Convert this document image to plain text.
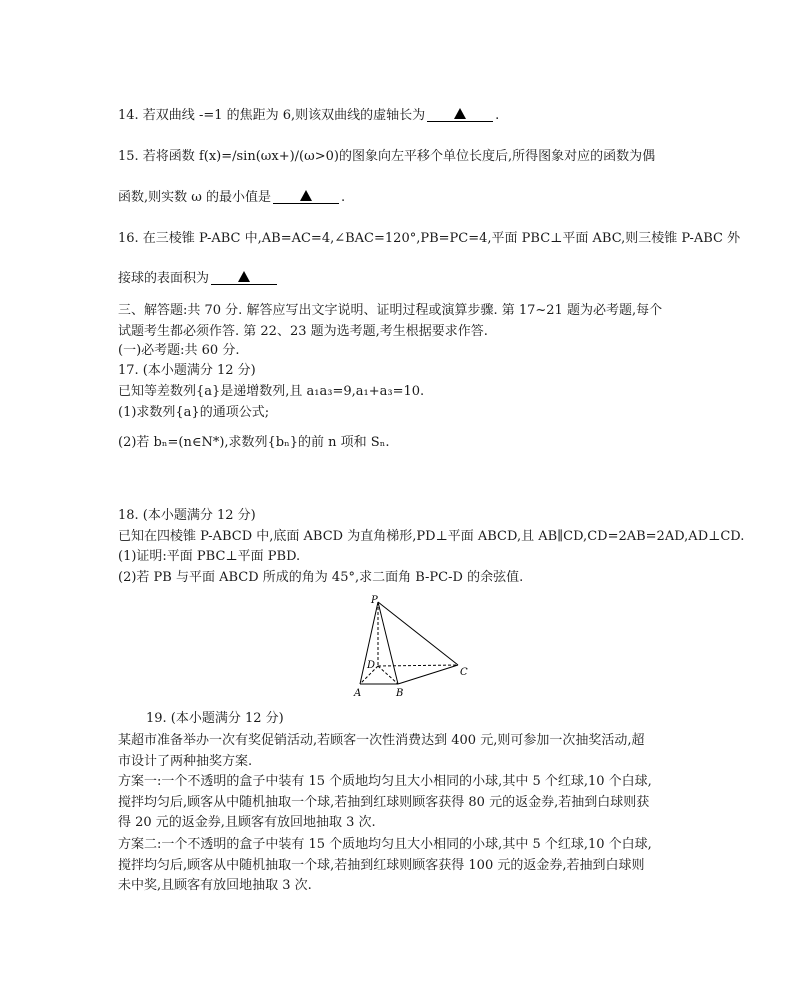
14. 若双曲线 -=1 的焦距为 6,则该双曲线的虚轴长为	.
15. 若将函数 f(x)=/sin(ωx+)/(ω>0)的图象向左平移个单位长度后,所得图象对应的函数为偶
函数,则实数 ω 的最小值是	.
16. 在三棱锥 P-ABC 中,AB=AC=4,∠BAC=120°,PB=PC=4,平面 PBC⊥平面 ABC,则三棱锥 P-ABC 外
接球的表面积为
三、解答题:共 70 分. 解答应写出文字说明、证明过程或演算步骤. 第 17~21 题为必考题,每个
试题考生都必须作答. 第 22、23 题为选考题,考生根据要求作答.
(一)必考题:共 60 分.
17. (本小题满分 12 分)
已知等差数列{a}是递增数列,且 a₁a₃=9,a₁+a₃=10.
(1)求数列{a}的通项公式;
(2)若 bₙ=(n∈N*),求数列{bₙ}的前 n 项和 Sₙ.
18. (本小题满分 12 分)
已知在四棱锥 P-ABCD 中,底面 ABCD 为直角梯形,PD⊥平面 ABCD,且 AB∥CD,CD=2AB=2AD,AD⊥CD.
(1)证明:平面 PBC⊥平面 PBD.
(2)若 PB 与平面 ABCD 所成的角为 45°,求二面角 B-PC-D 的余弦值.
P
D
A	B
C
19. (本小题满分 12 分)
某超市准备举办一次有奖促销活动,若顾客一次性消费达到 400 元,则可参加一次抽奖活动,超
市设计了两种抽奖方案.
方案一:一个不透明的盒子中装有 15 个质地均匀且大小相同的小球,其中 5 个红球,10 个白球,
搅拌均匀后,顾客从中随机抽取一个球,若抽到红球则顾客获得 80 元的返金券,若抽到白球则获
得 20 元的返金券,且顾客有放回地抽取 3 次.
方案二:一个不透明的盒子中装有 15 个质地均匀且大小相同的小球,其中 5 个红球,10 个白球,
搅拌均匀后,顾客从中随机抽取一个球,若抽到红球则顾客获得 100 元的返金券,若抽到白球则
未中奖,且顾客有放回地抽取 3 次.
